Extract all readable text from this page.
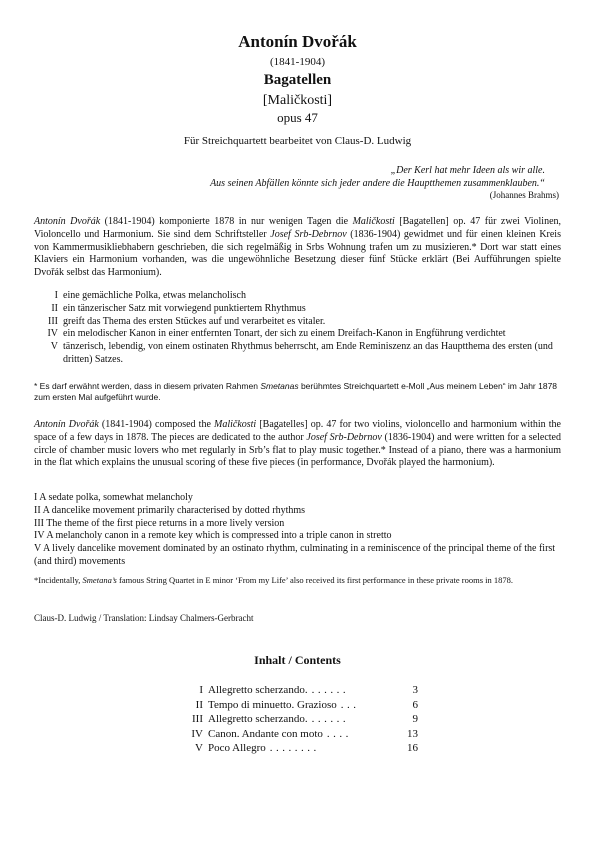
Antonín Dvořák
(1841-1904)
Bagatellen
[Maličkosti]
opus 47
Für Streichquartett bearbeitet von Claus-D. Ludwig
„Der Kerl hat mehr Ideen als wir alle.
Aus seinen Abfällen könnte sich jeder andere die Hauptthemen zusammenklauben.“
(Johannes Brahms)
Antonín Dvořák (1841-1904) komponierte 1878 in nur wenigen Tagen die Maličkosti [Bagatellen] op. 47 für zwei Violinen, Violoncello und Harmonium. Sie sind dem Schriftsteller Josef Srb-Debrnov (1836-1904) gewidmet und für einen kleinen Kreis von Kammermusikliebhabern geschrieben, die sich regelmäßig in Srbs Wohnung trafen um zu musizieren.* Dort war statt eines Klaviers ein Harmonium vorhanden, was die ungewöhnliche Besetzung dieser fünf Stücke erklärt (Bei Aufführungen spielte Dvořák selbst das Harmonium).
I eine gemächliche Polka, etwas melancholisch
II ein tänzerischer Satz mit vorwiegend punktiertem Rhythmus
III greift das Thema des ersten Stückes auf und verarbeitet es vitaler.
IV ein melodischer Kanon in einer entfernten Tonart, der sich zu einem Dreifach-Kanon in Engführung verdichtet
V tänzerisch, lebendig, von einem ostinaten Rhythmus beherrscht, am Ende Reminiszenz an das Hauptthema des ersten (und dritten) Satzes.
* Es darf erwähnt werden, dass in diesem privaten Rahmen Smetanas berühmtes Streichquartett e-Moll „Aus meinem Leben“ im Jahr 1878 zum ersten Mal aufgeführt wurde.
Antonín Dvořák (1841-1904) composed the Maličkosti [Bagatelles] op. 47 for two violins, violoncello and harmonium within the space of a few days in 1878. The pieces are dedicated to the author Josef Srb-Debrnov (1836-1904) and were written for a selected circle of chamber music lovers who met regularly in Srb’s flat to play music together.* Instead of a piano, there was a harmonium in the flat which explains the unusual scoring of these five pieces (in performance, Dvořák played the harmonium).
I A sedate polka, somewhat melancholy
II A dancelike movement primarily characterised by dotted rhythms
III The theme of the first piece returns in a more lively version
IV A melancholy canon in a remote key which is compressed into a triple canon in stretto
V A lively dancelike movement dominated by an ostinato rhythm, culminating in a reminiscence of the principal theme of the first (and third) movements
*Incidentally, Smetana’s famous String Quartet in E minor ‘From my Life’ also received its first performance in these private rooms in 1878.
Claus-D. Ludwig / Translation: Lindsay Chalmers-Gerbracht
Inhalt / Contents
I Allegretto scherzando. ......	3
II Tempo di minuetto. Grazioso ...	6
III Allegretto scherzando. ......	9
IV Canon. Andante con moto ....	13
V Poco Allegro ........	16
